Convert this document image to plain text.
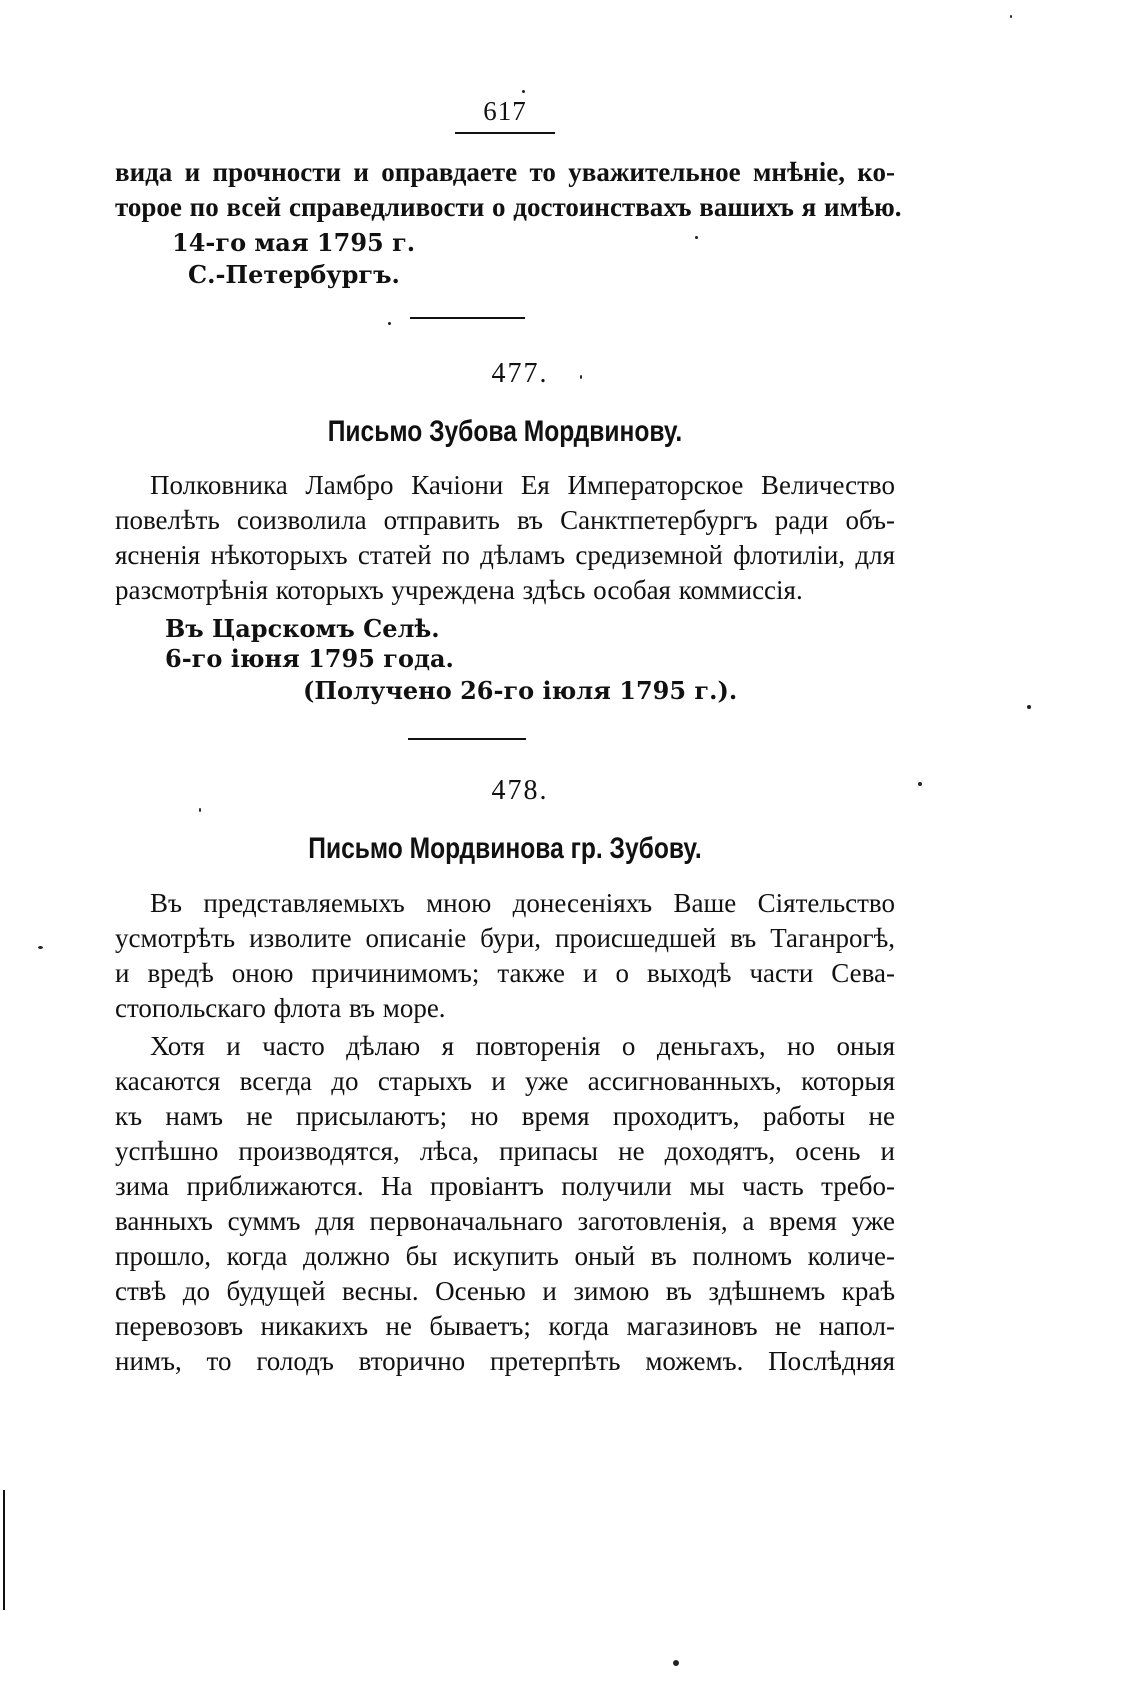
617
вида и прочности и оправдаете то уважительное мнѣніе, ко-
торое по всей справедливости о достоинствахъ вашихъ я имѣю.
14-го мая 1795 г.
С.-Петербургъ.
477.
Письмо Зубова Мордвинову.
Полковника Ламбро Качіони Ея Императорское Величество
повелѣть соизволила отправить въ Санктпетербургъ ради объ-
ясненія нѣкоторыхъ статей по дѣламъ средиземной флотиліи, для
разсмотрѣнія которыхъ учреждена здѣсь особая коммиссія.
Въ Царскомъ Селѣ.
6-го іюня 1795 года.
(Получено 26-го іюля 1795 г.).
478.
Письмо Мордвинова гр. Зубову.
Въ представляемыхъ мною донесеніяхъ Ваше Сіятельство
усмотрѣть изволите описаніе бури, происшедшей въ Таганрогѣ,
и вредѣ оною причинимомъ; также и о выходѣ части Сева-
стопольскаго флота въ море.
Хотя и часто дѣлаю я повторенія о деньгахъ, но оныя
касаются всегда до старыхъ и уже ассигнованныхъ, которыя
къ намъ не присылаютъ; но время проходитъ, работы не
успѣшно производятся, лѣса, припасы не доходятъ, осень и
зима приближаются. На провіантъ получили мы часть требо-
ванныхъ суммъ для первоначальнаго заготовленія, а время уже
прошло, когда должно бы искупить оный въ полномъ количе-
ствѣ до будущей весны. Осенью и зимою въ здѣшнемъ краѣ
перевозовъ никакихъ не бываетъ; когда магазиновъ не напол-
нимъ, то голодъ вторично претерпѣть можемъ. Послѣдняя
